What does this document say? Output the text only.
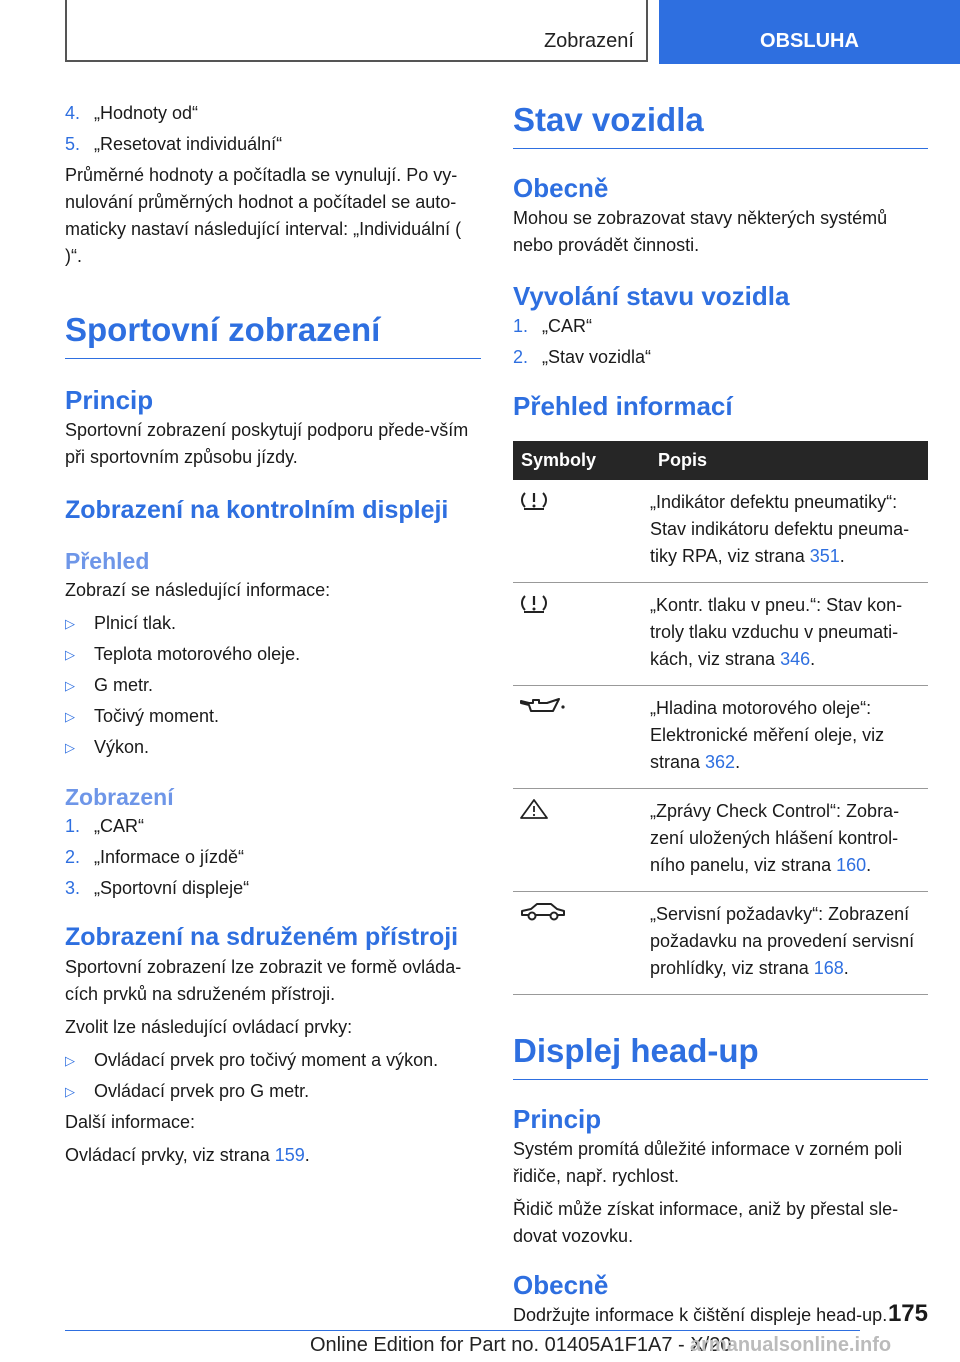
Zobrazení	OBSLUHA
4. „Hodnoty od“
5. „Resetovat individuální“

Průměrné hodnoty a počítadla se vynulují. Po vy-nulování průměrných hodnot a počítadel se auto-maticky nastaví následující interval: „Individuální ( )“.

Sportovní zobrazení
Princip

Sportovní zobrazení poskytují podporu přede-vším při sportovním způsobu jízdy.

Zobrazení na kontrolním displeji
Přehled

Zobrazí se následující informace:

▷	Plnicí tlak.
▷	Teplota motorového oleje.
▷	G metr.
▷	Točivý moment.
▷	Výkon.
Zobrazení
1. „CAR“
2. „Informace o jízdě“
3. „Sportovní displeje“
Zobrazení na sdruženém přístroji

Sportovní zobrazení lze zobrazit ve formě ovláda-cích prvků na sdruženém přístroji.

Zvolit lze následující ovládací prvky:

▷	Ovládací prvek pro točivý moment a výkon.
▷	Ovládací prvek pro G metr.

Další informace:

Ovládací prvky, viz strana 159.

Stav vozidla
Obecně

Mohou se zobrazovat stavy některých systémů nebo provádět činnosti.

Vyvolání stavu vozidla
1. „CAR“
2. „Stav vozidla“
Přehled informací
Symboly	Popis
	„Indikátor defektu pneumatiky“: Stav indikátoru defektu pneuma-tiky RPA, viz strana 351.
	„Kontr. tlaku v pneu.“: Stav kon-troly tlaku vzduchu v pneumati-kách, viz strana 346.
	„Hladina motorového oleje“: Elektronické měření oleje, viz strana 362.
	„Zprávy Check Control“: Zobra-zení uložených hlášení kontrol-ního panelu, viz strana 160.
	„Servisní požadavky“: Zobrazení požadavku na provedení servisní prohlídky, viz strana 168.
Displej head-up
Princip

Systém promítá důležité informace v zorném poli řidiče, např. rychlost.

Řidič může získat informace, aniž by přestal sle-dovat vozovku.

Obecně

Dodržujte informace k čištění displeje head-up. 175
Online Edition for Part no. 01405A1F1A7 - X/20
armanualsonline.info
